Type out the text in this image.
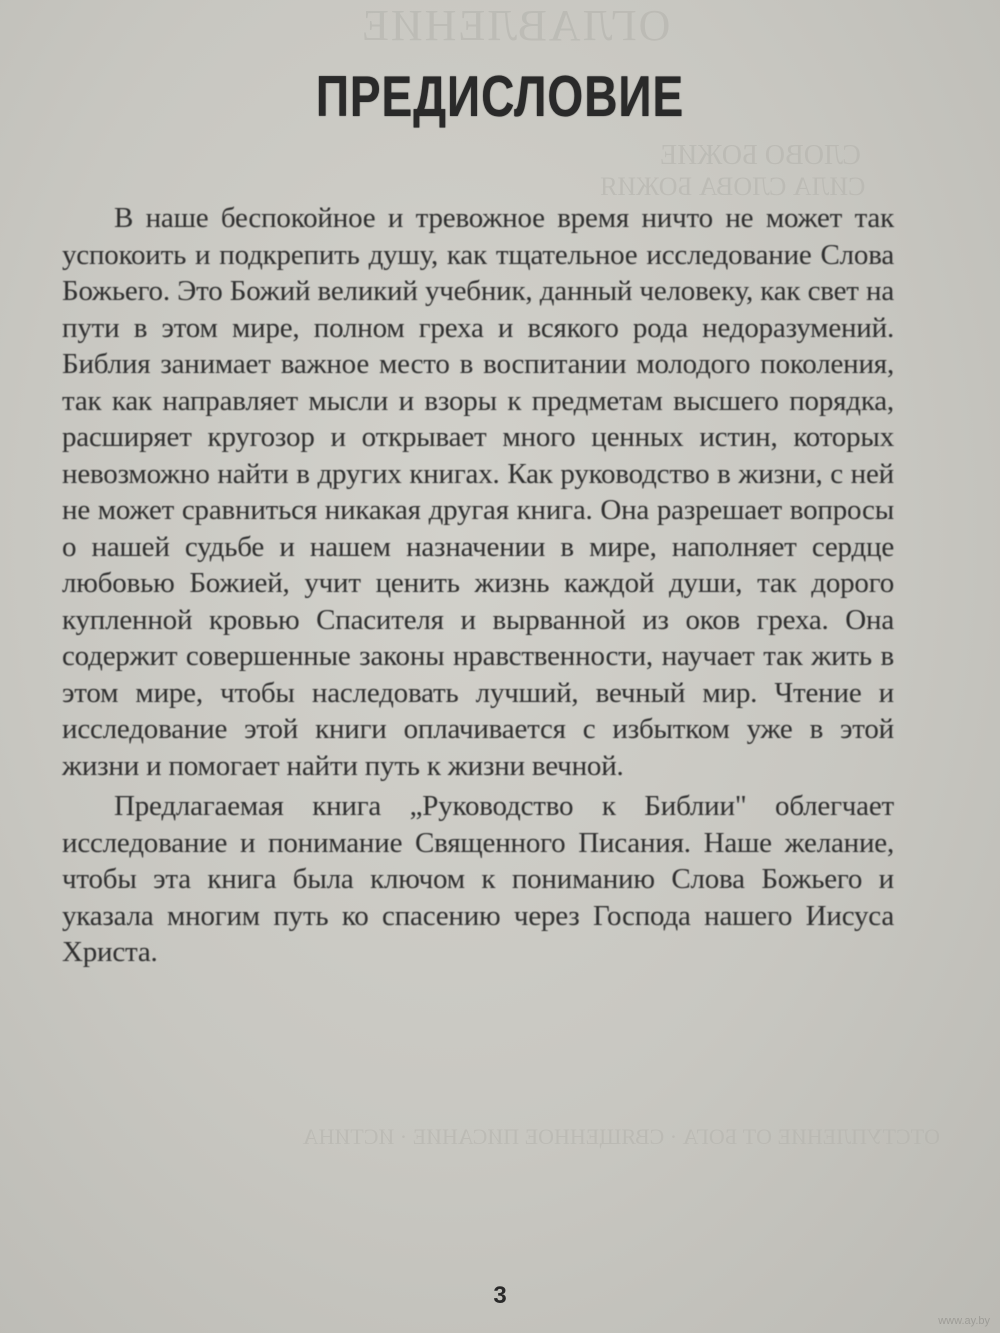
ОГЛАВЛЕНИЕ
СЛОВО БОЖИЕ
СИЛА СЛОВА БОЖИЯ
ОТСТУПЛЕНИЕ ОТ БОГА · СВЯЩЕННОЕ ПИСАНИЕ · ИСТИНА
ПРЕДИСЛОВИЕ

В наше беспокойное и тревожное время ничто не может так успокоить и подкрепить душу, как тщательное исследование Слова Божьего. Это Божий великий учебник, данный человеку, как свет на пути в этом мире, полном греха и всякого рода недоразумений. Библия занимает важное место в воспитании молодого поколения, так как направляет мысли и взоры к предметам высшего порядка, расширяет кругозор и открывает много ценных истин, которых невозможно найти в других книгах. Как руководство в жизни, с ней не может сравниться никакая другая книга. Она разрешает вопросы о нашей судьбе и нашем назначении в мире, наполняет сердце любовью Божией, учит ценить жизнь каждой души, так дорого купленной кровью Спасителя и вырванной из оков греха. Она содержит совершенные законы нравственности, научает так жить в этом мире, чтобы наследовать лучший, вечный мир. Чтение и исследование этой книги оплачивается с избытком уже в этой жизни и помогает найти путь к жизни вечной.

Предлагаемая книга „Руководство к Библии" облегчает исследование и понимание Священного Писания. Наше желание, чтобы эта книга была ключом к пониманию Слова Божьего и указала многим путь ко спасению через Господа нашего Иисуса Христа.

3
www.ay.by
